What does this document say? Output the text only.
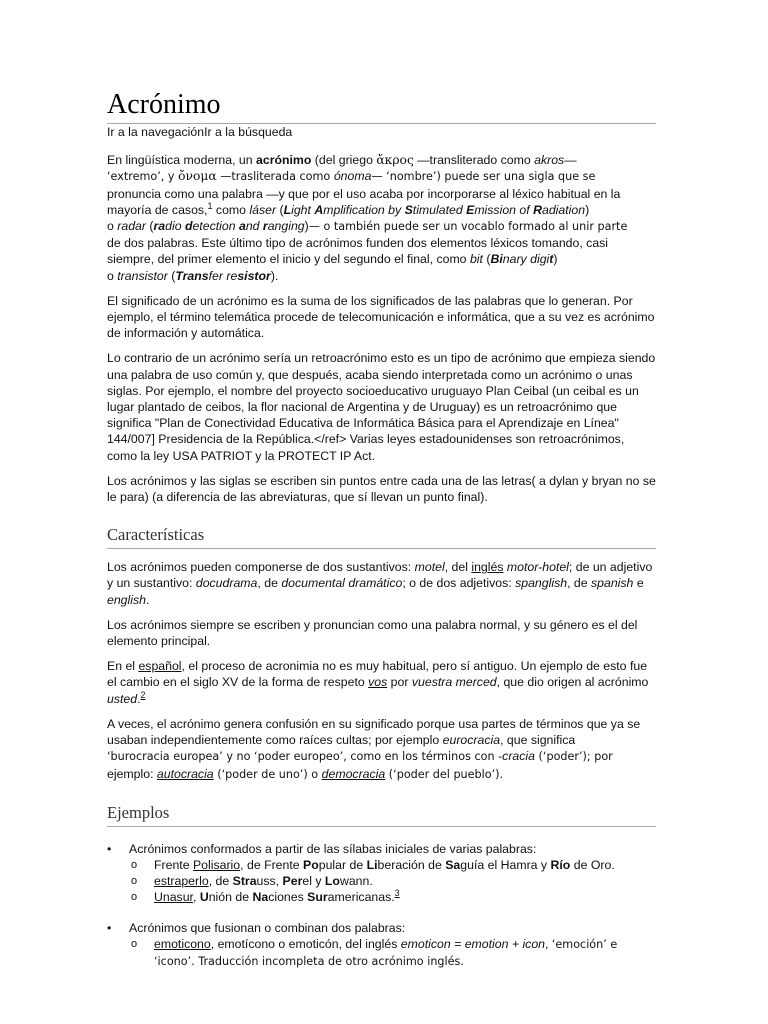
Acrónimo
Ir a la navegaciónIr a la búsqueda

En lingüística moderna, un acrónimo (del griego ἄκρος —transliterado como akros—
‘extremo’, y ὄνομα —trasliterada como ónoma— ‘nombre’) puede ser una sigla que se
pronuncia como una palabra —y que por el uso acaba por incorporarse al léxico habitual en la mayoría de casos,$^1$ como láser (Light Amplification by Stimulated Emission of Radiation)
o radar (radio detection and ranging)— o también puede ser un vocablo formado al unir parte
de dos palabras. Este último tipo de acrónimos funden dos elementos léxicos tomando, casi siempre, del primer elemento el inicio y del segundo el final, como bit (Binary digit)
o transistor (Transfer resistor).

El significado de un acrónimo es la suma de los significados de las palabras que lo generan. Por ejemplo, el término telemática procede de telecomunicación e informática, que a su vez es acrónimo de información y automática.

Lo contrario de un acrónimo sería un retroacrónimo esto es un tipo de acrónimo que empieza siendo una palabra de uso común y, que después, acaba siendo interpretada como un acrónimo o unas siglas. Por ejemplo, el nombre del proyecto socioeducativo uruguayo Plan Ceibal (un ceibal es un lugar plantado de ceibos, la flor nacional de Argentina y de Uruguay) es un retroacrónimo que significa "Plan de Conectividad Educativa de Informática Básica para el Aprendizaje en Línea" 144/007] Presidencia de la República.</ref> Varias leyes estadounidenses son retroacrónimos, como la ley USA PATRIOT y la PROTECT IP Act.

Los acrónimos y las siglas se escriben sin puntos entre cada una de las letras( a dylan y bryan no se le para) (a diferencia de las abreviaturas, que sí llevan un punto final).

Características

Los acrónimos pueden componerse de dos sustantivos: motel, del inglés motor-hotel; de un adjetivo y un sustantivo: docudrama, de documental dramático; o de dos adjetivos: spanglish, de spanish e english.

Los acrónimos siempre se escriben y pronuncian como una palabra normal, y su género es el del elemento principal.

En el español, el proceso de acronimia no es muy habitual, pero sí antiguo. Un ejemplo de esto fue el cambio en el siglo XV de la forma de respeto vos por vuestra merced, que dio origen al acrónimo usted.$^2$

A veces, el acrónimo genera confusión en su significado porque usa partes de términos que ya se usaban independientemente como raíces cultas; por ejemplo eurocracia, que significa
‘burocracia europea’ y no ‘poder europeo’, como en los términos con -cracia (‘poder’); por
ejemplo: autocracia (‘poder de uno’) o democracia (‘poder del pueblo’).

Ejemplos
• Acrónimos conformados a partir de las sílabas iniciales de varias palabras:
o Frente Polisario, de Frente Popular de Liberación de Saguía el Hamra y Río de Oro.
o estraperlo, de Strauss, Perel y Lowann.
o Unasur, Unión de Naciones Suramericanas.$^3$
• Acrónimos que fusionan o combinan dos palabras:
o emoticono, emotícono o emoticón, del inglés emoticon = emotion + icon, ‘emoción’ e
‘icono’. Traducción incompleta de otro acrónimo inglés.
